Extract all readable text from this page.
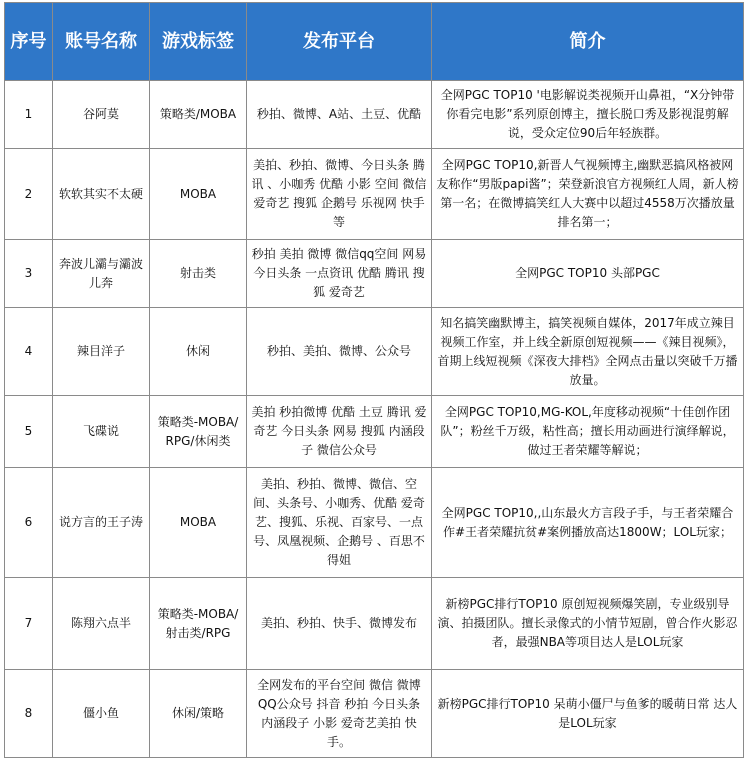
序号	账号名称	游戏标签	发布平台	简介
1	谷阿莫	策略类/MOBA	秒拍、微博、A站、土豆、优酷	全网PGC TOP10 '电影解说类视频开山鼻祖，“X分钟带你看完电影”系列原创博主，擅长脱口秀及影视混剪解说，受众定位90后年轻族群。
2	软软其实不太硬	MOBA	美拍、秒拍、微博、今日头条 腾讯 、小咖秀 优酷 小影 空间 微信 爱奇艺 搜狐 企鹅号 乐视网 快手 等	全网PGC TOP10,新晋人气视频博主,幽默恶搞风格被网友称作“男版papi酱”；荣登新浪官方视频红人周，新人榜第一名；在微博搞笑红人大赛中以超过4558万次播放量排名第一；
3	奔波儿灞与灞波儿奔	射击类	秒拍 美拍 微博 微信qq空间 网易 今日头条 一点资讯 优酷 腾讯 搜狐 爱奇艺	全网PGC TOP10 头部PGC
4	辣目洋子	休闲	秒拍、美拍、微博、公众号	知名搞笑幽默博主，搞笑视频自媒体，2017年成立辣目视频工作室，并上线全新原创短视频——《辣目视频》，首期上线短视频《深夜大排档》全网点击量以突破千万播放量。
5	飞碟说	策略类-MOBA/RPG/休闲类	美拍 秒拍微博 优酷 土豆 腾讯 爱奇艺 今日头条 网易 搜狐 内涵段子 微信公众号	全网PGC TOP10,MG-KOL,年度移动视频“十佳创作团队”；粉丝千万级，粘性高；擅长用动画进行演绎解说，做过王者荣耀等解说；
6	说方言的王子涛	MOBA	美拍、秒拍、微博、微信、空间、头条号、小咖秀、优酷 爱奇艺、搜狐、乐视、百家号、一点号、凤凰视频、企鹅号 、百思不得姐	全网PGC TOP10,,山东最火方言段子手，与王者荣耀合作#王者荣耀抗贫#案例播放高达1800W；LOL玩家；
7	陈翔六点半	策略类-MOBA/射击类/RPG	美拍、秒拍、快手、微博发布	新榜PGC排行TOP10 原创短视频爆笑剧，专业级别导演、拍摄团队。擅长录像式的小情节短剧，曾合作火影忍者，最强NBA等项目达人是LOL玩家
8	僵小鱼	休闲/策略	全网发布的平台空间 微信 微博 QQ公众号 抖音 秒拍 今日头条 内涵段子 小影 爱奇艺美拍 快手。	新榜PGC排行TOP10 呆萌小僵尸与鱼爹的暖萌日常 达人是LOL玩家
